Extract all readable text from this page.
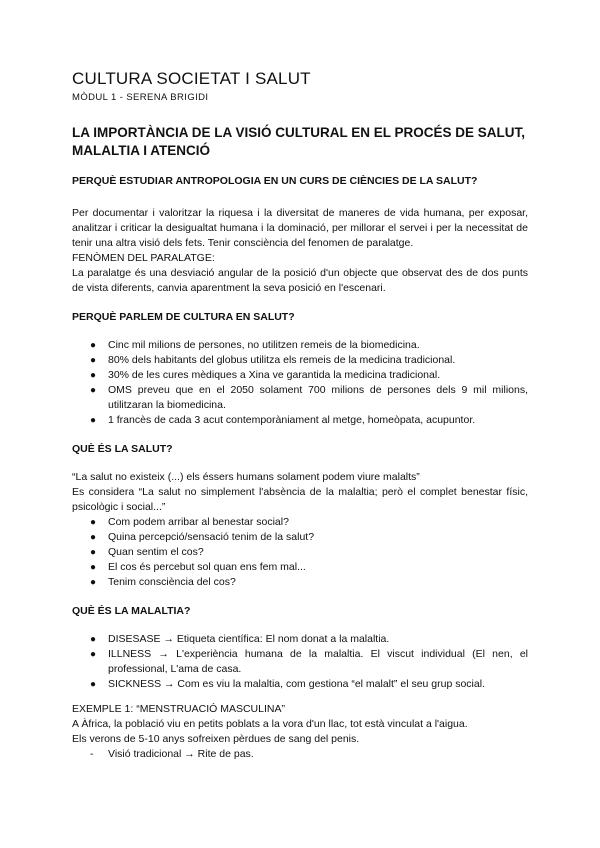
CULTURA SOCIETAT I SALUT
MÒDUL 1 - SERENA BRIGIDI
LA IMPORTÀNCIA DE LA VISIÓ CULTURAL EN EL PROCÉS DE SALUT, MALALTIA I ATENCIÓ
PERQUÈ ESTUDIAR ANTROPOLOGIA EN UN CURS DE CIÈNCIES DE LA SALUT?

Per documentar i valoritzar la riquesa i la diversitat de maneres de vida humana, per exposar, analitzar i criticar la desigualtat humana i la dominació, per millorar el servei i per la necessitat de tenir una altra visió dels fets. Tenir consciència del fenomen de paralatge.

FENÒMEN DEL PARALATGE:

La paralatge és una desviació angular de la posició d'un objecte que observat des de dos punts de vista diferents, canvia aparentment la seva posició en l'escenari.

PERQUÈ PARLEM DE CULTURA EN SALUT?
● Cinc mil milions de persones, no utilitzen remeis de la biomedicina.
● 80% dels habitants del globus utilitza els remeis de la medicina tradicional.
● 30% de les cures mèdiques a Xina ve garantida la medicina tradicional.
● OMS preveu que en el 2050 solament 700 milions de persones dels 9 mil milions, utilitzaran la biomedicina.
● 1 francès de cada 3 acut contemporàniament al metge, homeòpata, acupuntor.
QUÈ ÉS LA SALUT?

“La salut no existeix (...) els éssers humans solament podem viure malalts”

Es considera “La salut no simplement l'absència de la malaltia; però el complet benestar físic, psicològic i social...”

● Com podem arribar al benestar social?
● Quina percepció/sensació tenim de la salut?
● Quan sentim el cos?
● El cos és percebut sol quan ens fem mal...
● Tenim consciència del cos?
QUÈ ÉS LA MALALTIA?
● DISESASE → Etiqueta científica: El nom donat a la malaltia.
● ILLNESS → L'experiència humana de la malaltia. El viscut individual (El nen, el professional, L'ama de casa.
● SICKNESS → Com es viu la malaltia, com gestiona “el malalt” el seu grup social.

EXEMPLE 1: “MENSTRUACIÓ MASCULINA”

A Àfrica, la població viu en petits poblats a la vora d'un llac, tot està vinculat a l'aigua.

Els verons de 5-10 anys sofreixen pèrdues de sang del penis.

- Visió tradicional → Rite de pas.
